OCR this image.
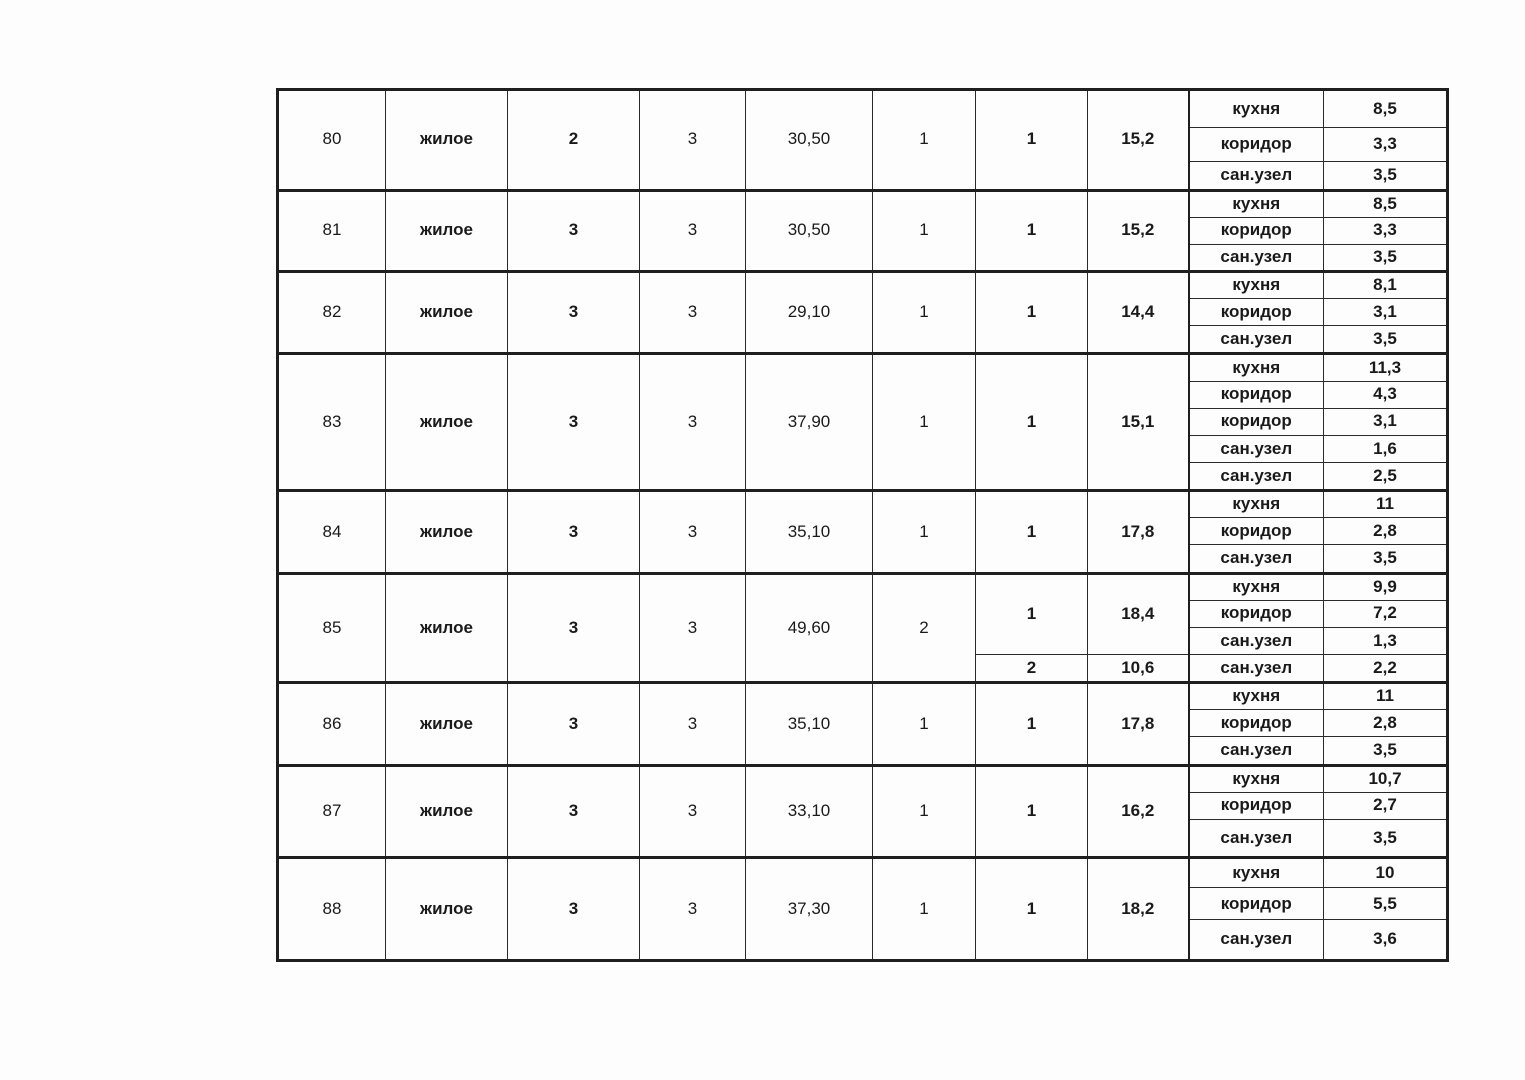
80	жилое	2	3	30,50	1	1	15,2	кухня	8,5
								коридор	3,3
								сан.узел	3,5
81	жилое	3	3	30,50	1	1	15,2	кухня	8,5
								коридор	3,3
								сан.узел	3,5
82	жилое	3	3	29,10	1	1	14,4	кухня	8,1
								коридор	3,1
								сан.узел	3,5
83	жилое	3	3	37,90	1	1	15,1	кухня	11,3
								коридор	4,3
								коридор	3,1
								сан.узел	1,6
								сан.узел	2,5
84	жилое	3	3	35,10	1	1	17,8	кухня	11
								коридор	2,8
								сан.узел	3,5
85	жилое	3	3	49,60	2	1	18,4	кухня	9,9
								коридор	7,2
								сан.узел	1,3
						2	10,6	сан.узел	2,2
86	жилое	3	3	35,10	1	1	17,8	кухня	11
								коридор	2,8
								сан.узел	3,5
87	жилое	3	3	33,10	1	1	16,2	кухня	10,7
								коридор	2,7
								сан.узел	3,5
88	жилое	3	3	37,30	1	1	18,2	кухня	10
								коридор	5,5
								сан.узел	3,6
